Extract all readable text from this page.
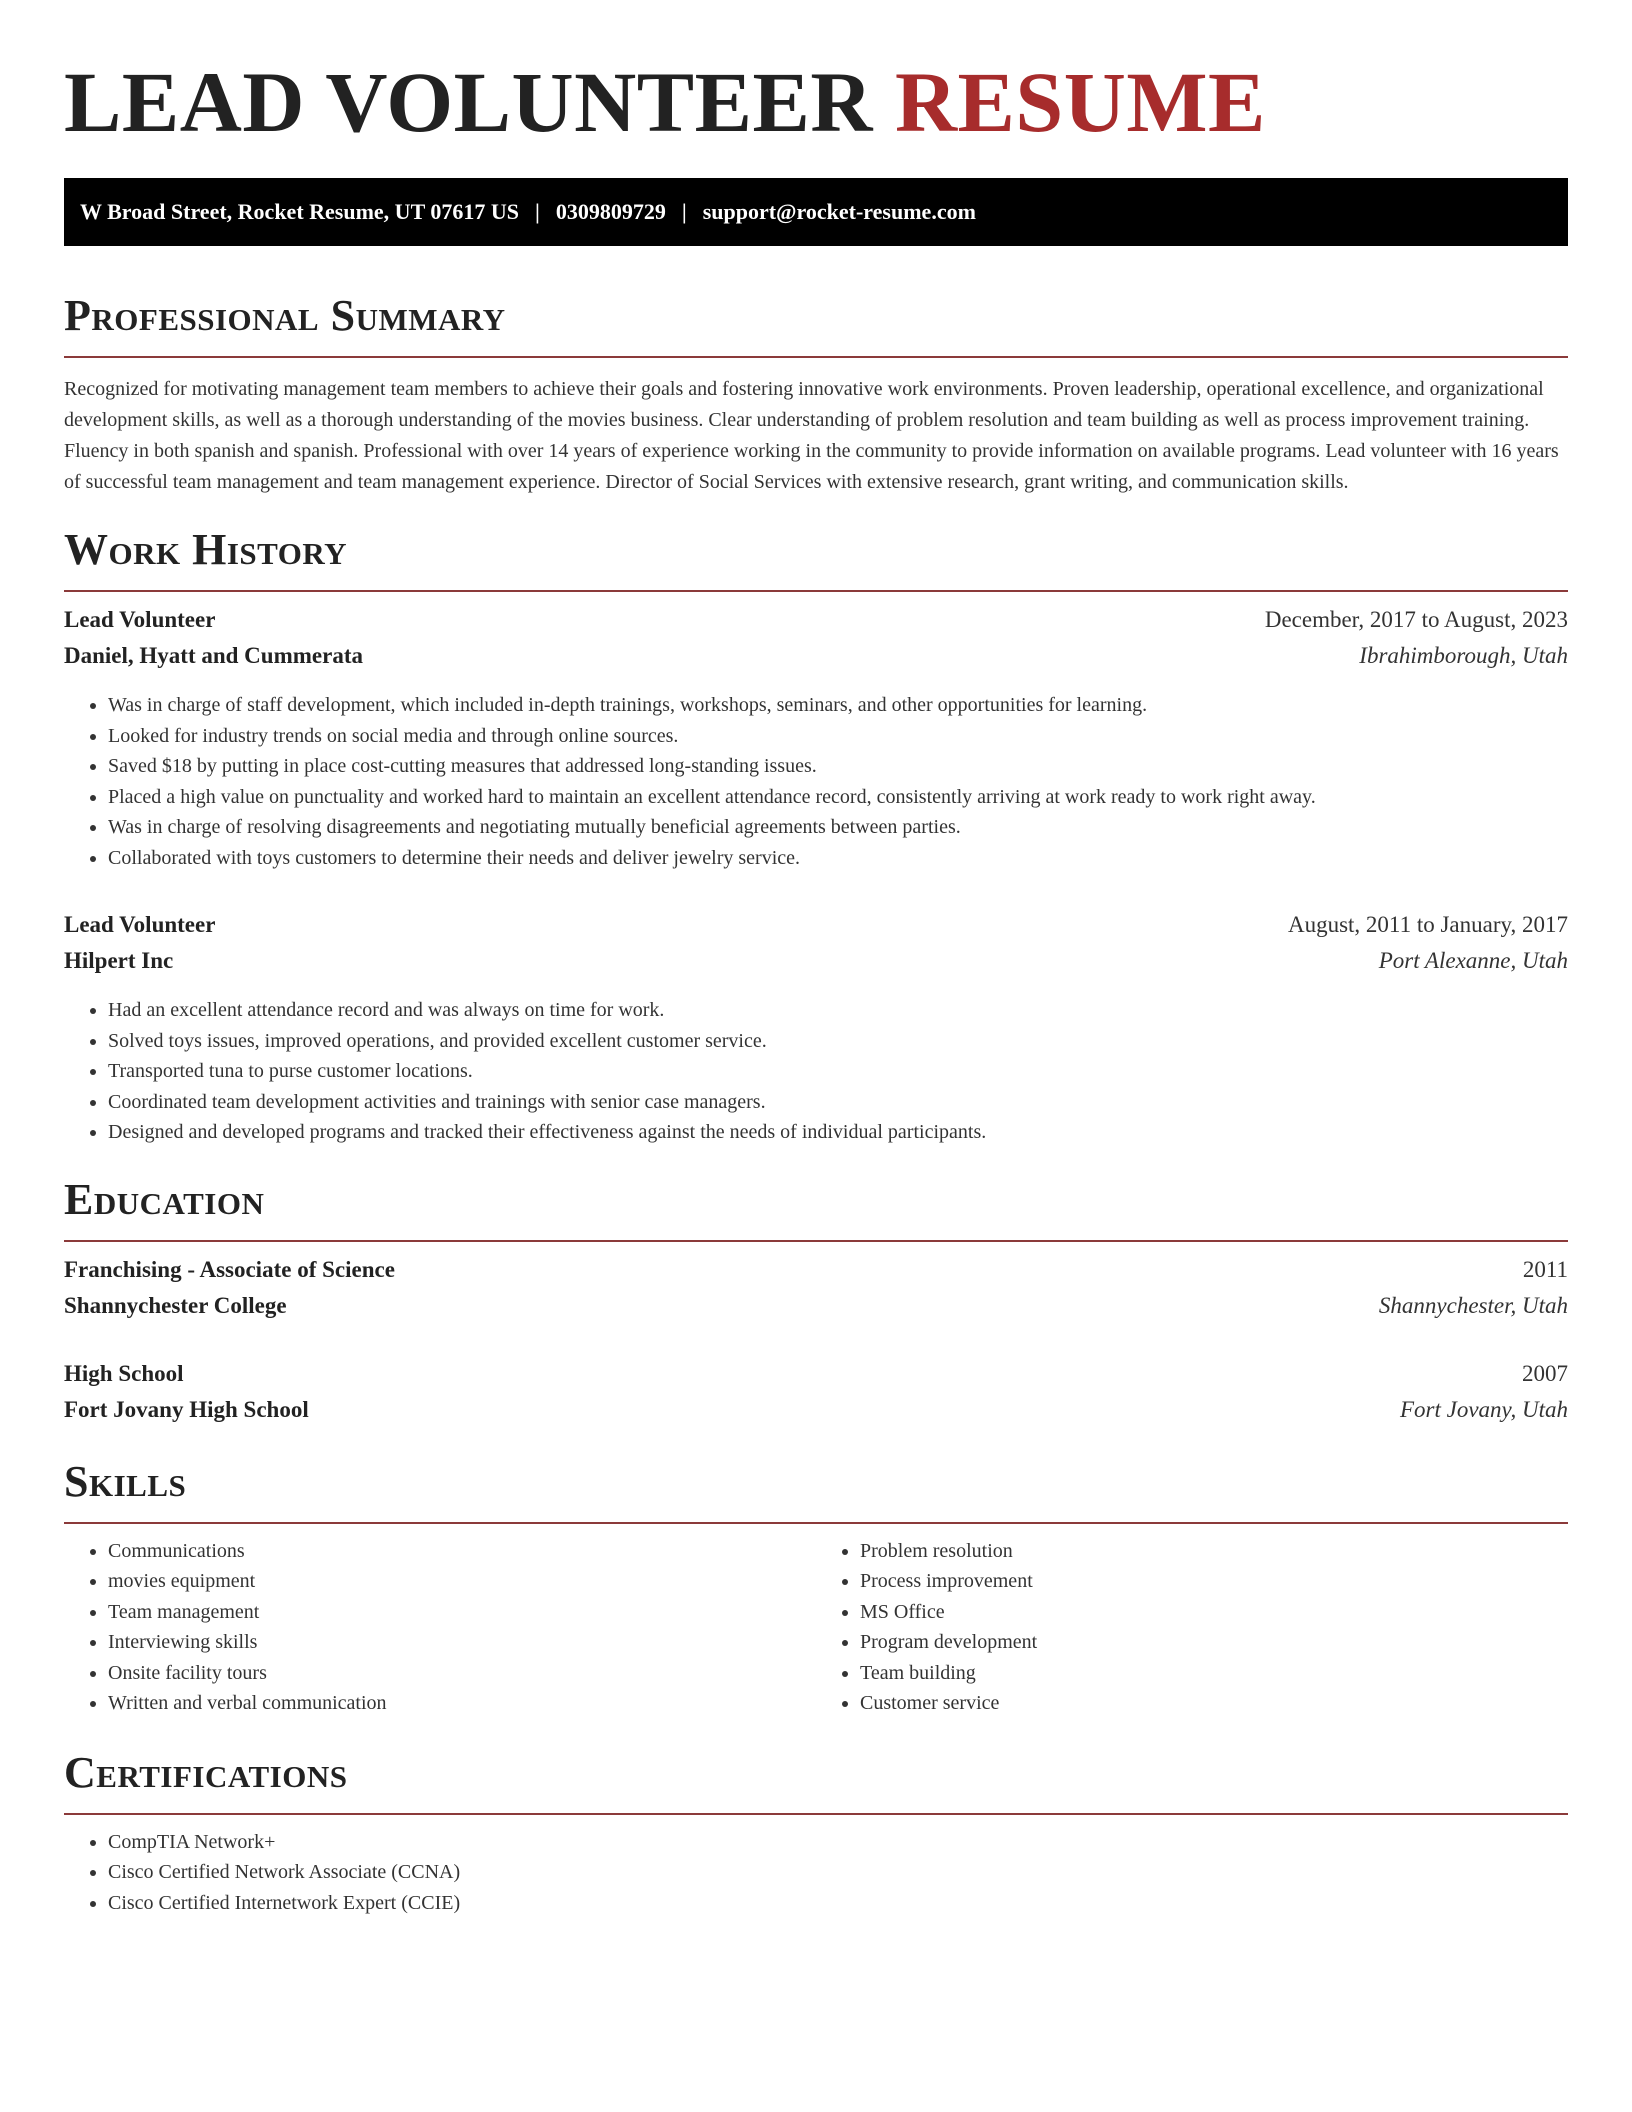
LEAD VOLUNTEER RESUME
W Broad Street, Rocket Resume, UT 07617 US | 0309809729 | support@rocket-resume.com
Professional Summary

Recognized for motivating management team members to achieve their goals and fostering innovative work environments. Proven leadership, operational excellence, and organizational development skills, as well as a thorough understanding of the movies business. Clear understanding of problem resolution and team building as well as process improvement training. Fluency in both spanish and spanish. Professional with over 14 years of experience working in the community to provide information on available programs. Lead volunteer with 16 years of successful team management and team management experience. Director of Social Services with extensive research, grant writing, and communication skills.

Work History
Lead Volunteer	December, 2017 to August, 2023
Daniel, Hyatt and Cummerata	Ibrahimborough, Utah
• Was in charge of staff development, which included in-depth trainings, workshops, seminars, and other opportunities for learning.
• Looked for industry trends on social media and through online sources.
• Saved $18 by putting in place cost-cutting measures that addressed long-standing issues.
• Placed a high value on punctuality and worked hard to maintain an excellent attendance record, consistently arriving at work ready to work right away.
• Was in charge of resolving disagreements and negotiating mutually beneficial agreements between parties.
• Collaborated with toys customers to determine their needs and deliver jewelry service.
Lead Volunteer	August, 2011 to January, 2017
Hilpert Inc	Port Alexanne, Utah
• Had an excellent attendance record and was always on time for work.
• Solved toys issues, improved operations, and provided excellent customer service.
• Transported tuna to purse customer locations.
• Coordinated team development activities and trainings with senior case managers.
• Designed and developed programs and tracked their effectiveness against the needs of individual participants.
Education
Franchising - Associate of Science	2011
Shannychester College	Shannychester, Utah
High School	2007
Fort Jovany High School	Fort Jovany, Utah
Skills
• Communications
• movies equipment
• Team management
• Interviewing skills
• Onsite facility tours
• Written and verbal communication
• Problem resolution
• Process improvement
• MS Office
• Program development
• Team building
• Customer service
Certifications
• CompTIA Network+
• Cisco Certified Network Associate (CCNA)
• Cisco Certified Internetwork Expert (CCIE)
